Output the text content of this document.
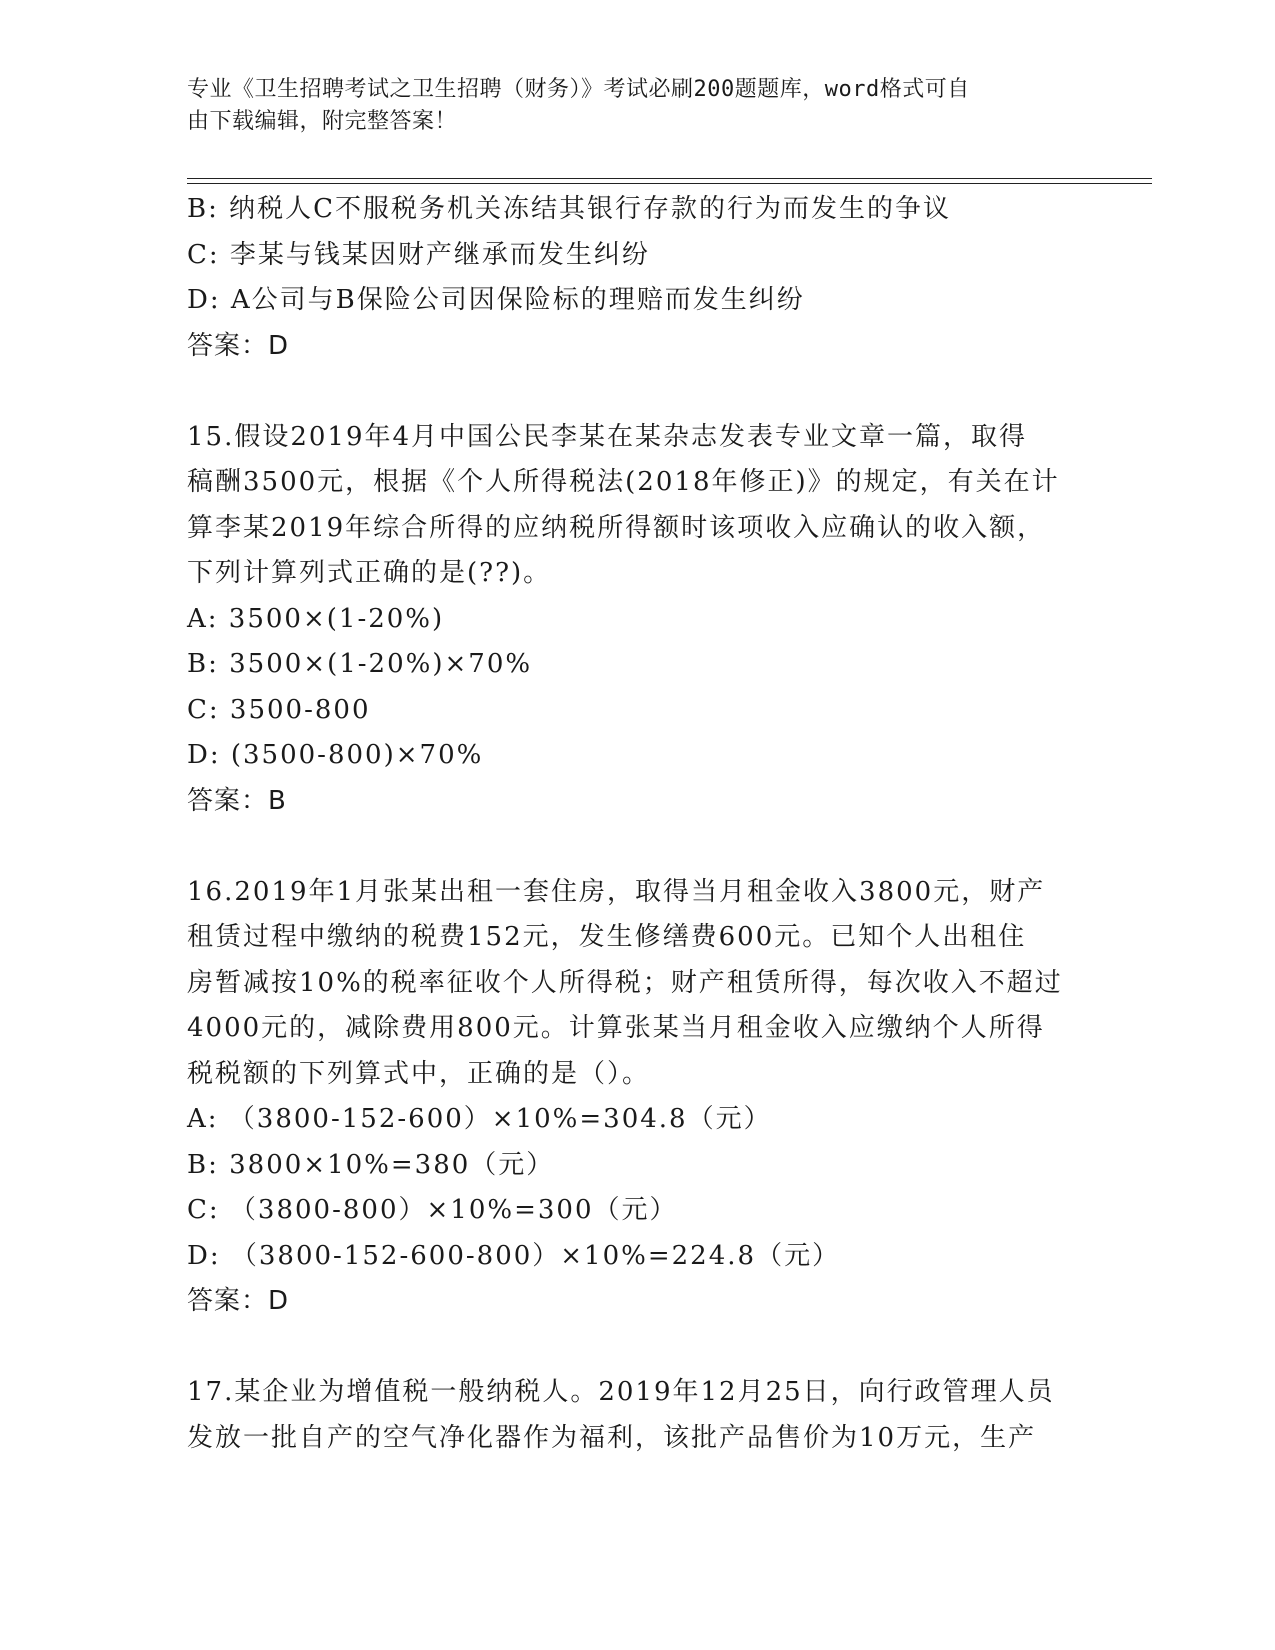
专业《卫生招聘考试之卫生招聘（财务）》考试必刷200题题库，word格式可自
由下载编辑，附完整答案！
B: 纳税人C不服税务机关冻结其银行存款的行为而发生的争议
C: 李某与钱某因财产继承而发生纠纷
D: A公司与B保险公司因保险标的理赔而发生纠纷
答案：D
15.假设2019年4月中国公民李某在某杂志发表专业文章一篇，取得
稿酬3500元，根据《个人所得税法(2018年修正)》的规定，有关在计
算李某2019年综合所得的应纳税所得额时该项收入应确认的收入额，
下列计算列式正确的是(??)。
A: 3500×(1-20%)
B: 3500×(1-20%)×70%
C: 3500-800
D: (3500-800)×70%
答案：B
16.2019年1月张某出租一套住房，取得当月租金收入3800元，财产
租赁过程中缴纳的税费152元，发生修缮费600元。已知个人出租住
房暂减按10%的税率征收个人所得税；财产租赁所得，每次收入不超过
4000元的，减除费用800元。计算张某当月租金收入应缴纳个人所得
税税额的下列算式中，正确的是（）。
A: （3800-152-600）×10%=304.8（元）
B: 3800×10%=380（元）
C: （3800-800）×10%=300（元）
D: （3800-152-600-800）×10%=224.8（元）
答案：D
17.某企业为增值税一般纳税人。2019年12月25日，向行政管理人员
发放一批自产的空气净化器作为福利，该批产品售价为10万元，生产
